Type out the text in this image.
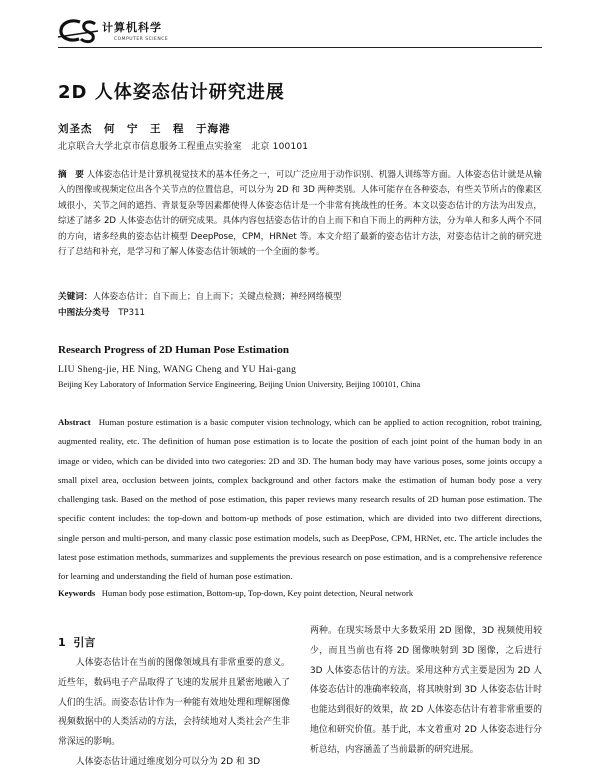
计算机科学
COMPUTER SCIENCE
2D 人体姿态估计研究进展
刘圣杰　何　宁　王　程　于海港
北京联合大学北京市信息服务工程重点实验室　北京 100101
摘　要 人体姿态估计是计算机视觉技术的基本任务之一，可以广泛应用于动作识别、机器人训练等方面。人体姿态估计就是从输入的图像或视频定位出各个关节点的位置信息，可以分为 2D 和 3D 两种类别。人体可能存在各种姿态，有些关节所占的像素区域很小，关节之间的遮挡、背景复杂等因素都使得人体姿态估计是一个非常有挑战性的任务。本文以姿态估计的方法为出发点，综述了諸多 2D 人体姿态估计的研究成果。具体内容包括姿态估计的自上而下和自下而上的两种方法，分为单人和多人两个不同的方向，诸多经典的姿态估计模型 DeepPose，CPM，HRNet 等。本文介绍了最新的姿态估计方法，对姿态估计之前的研究进行了总结和补充，是学习和了解人体姿态估计领域的一个全面的参考。
关键词：人体姿态估计；自下而上；自上而下；关键点检测；神经网络模型
中图法分类号　 TP311
Research Progress of 2D Human Pose Estimation
LIU Sheng-jie, HE Ning, WANG Cheng and YU Hai-gang
Beijing Key Laboratory of Information Service Engineering, Beijing Union University, Beijing 100101, China
Abstract Human posture estimation is a basic computer vision technology, which can be applied to action recognition, robot training, augmented reality, etc. The definition of human pose estimation is to locate the position of each joint point of the human body in an image or video, which can be divided into two categories: 2D and 3D. The human body may have various poses, some joints occupy a small pixel area, occlusion between joints, complex background and other factors make the estimation of human body pose a very challenging task. Based on the method of pose estimation, this paper reviews many research results of 2D human pose estimation. The specific content includes: the top-down and bottom-up methods of pose estimation, which are divided into two different directions, single person and multi-person, and many classic pose estimation models, such as DeepPose, CPM, HRNet, etc. The article includes the latest pose estimation methods, summarizes and supplements the previous research on pose estimation, and is a comprehensive reference for learning and understanding the field of human pose estimation.
Keywords Human body pose estimation, Bottom-up, Top-down, Key point detection, Neural network
1 引言
人体姿态估计在当前的图像领域具有非常重要的意义。近些年，数码电子产品取得了飞速的发展并且紧密地融入了人们的生活。而姿态估计作为一种能有效地处理和理解图像视频数据中的人类活动的方法，会持续地对人类社会产生非常深远的影响。
人体姿态估计通过维度划分可以分为 2D 和 3D
两种。在现实场景中大多数采用 2D 图像，3D 视频使用较少，而且当前也有将 2D 图像映射到 3D 图像，之后进行 3D 人体姿态估计的方法。采用这种方式主要是因为 2D 人体姿态估计的准确率较高，将其映射到 3D 人体姿态估计时也能达到很好的效果，故 2D 人体姿态估计有着非常重要的地位和研究价值。基于此，本文着重对 2D 人体姿态进行分析总结，内容涵盖了当前最新的研究进展。
